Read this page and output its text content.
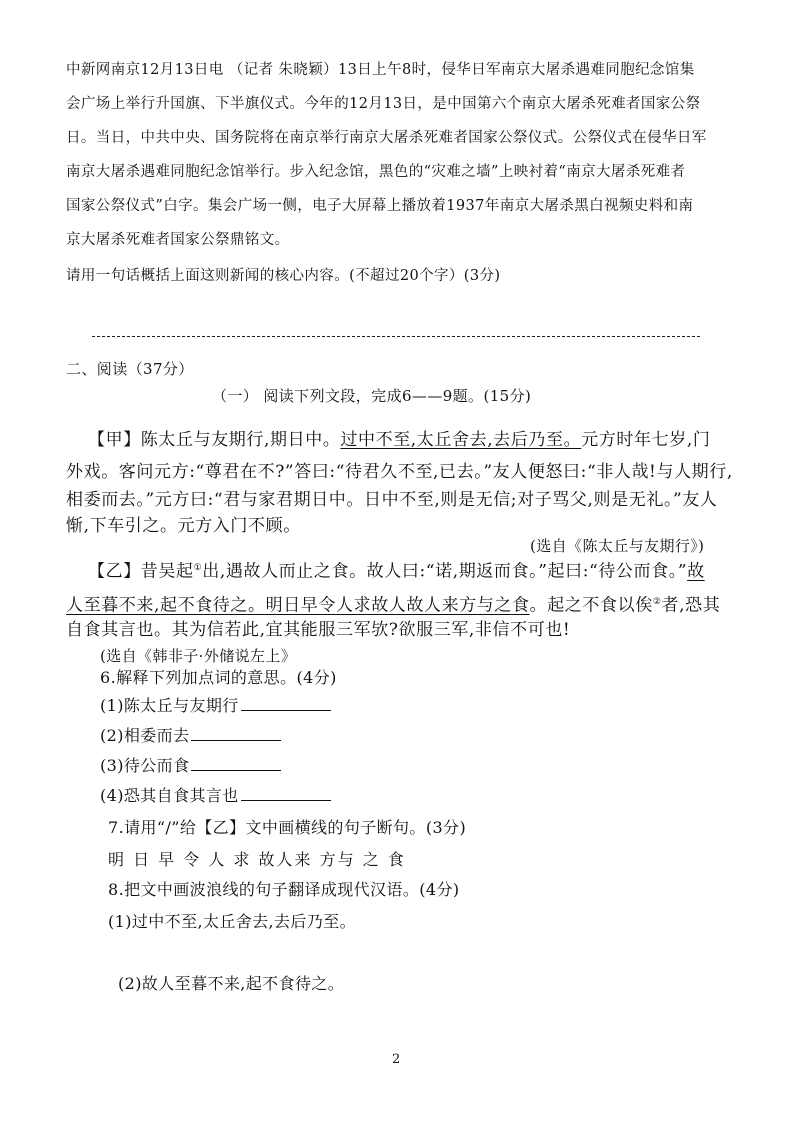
中新网南京12月13日电 （记者 朱晓颖）13日上午8时，侵华日军南京大屠杀遇难同胞纪念馆集
会广场上举行升国旗、下半旗仪式。今年的12月13日，是中国第六个南京大屠杀死难者国家公祭
日。当日，中共中央、国务院将在南京举行南京大屠杀死难者国家公祭仪式。公祭仪式在侵华日军
南京大屠杀遇难同胞纪念馆举行。步入纪念馆，黑色的“灾难之墙”上映衬着“南京大屠杀死难者
国家公祭仪式”白字。集会广场一侧，电子大屏幕上播放着1937年南京大屠杀黑白视频史料和南
京大屠杀死难者国家公祭鼎铭文。
请用一句话概括上面这则新闻的核心内容。(不超过20个字）(3分)
二、阅读（37分）
（一） 阅读下列文段，完成6——9题。(15分)
【甲】陈太丘与友期行,期日中。过中不至,太丘舍去,去后乃至。元方时年七岁,门
外戏。客问元方:“尊君在不?”答曰:“待君久不至,已去。”友人便怒曰:“非人哉!与人期行,
相委而去。”元方曰:“君与家君期日中。日中不至,则是无信;对子骂父,则是无礼。”友人
惭,下车引之。元方入门不顾。
(选自《陈太丘与友期行》)
【乙】昔吴起①出,遇故人而止之食。故人曰:“诺,期返而食。”起曰:“待公而食。”故
人至暮不来,起不食待之。明日早令人求故人故人来方与之食。起之不食以俟②者,恐其
自食其言也。其为信若此,宜其能服三军欤?欲服三军,非信不可也!
(选自《韩非子·外储说左上》
6.解释下列加点词的意思。(4分)
(1)陈太丘与友期行
(2)相委而去
(3)待公而食
(4)恐其自食其言也
7.请用“/”给【乙】文中画横线的句子断句。(3分)
明 日 早 令 人 求 故人来 方与 之 食
8.把文中画波浪线的句子翻译成现代汉语。(4分)
(1)过中不至,太丘舍去,去后乃至。
(2)故人至暮不来,起不食待之。
2
